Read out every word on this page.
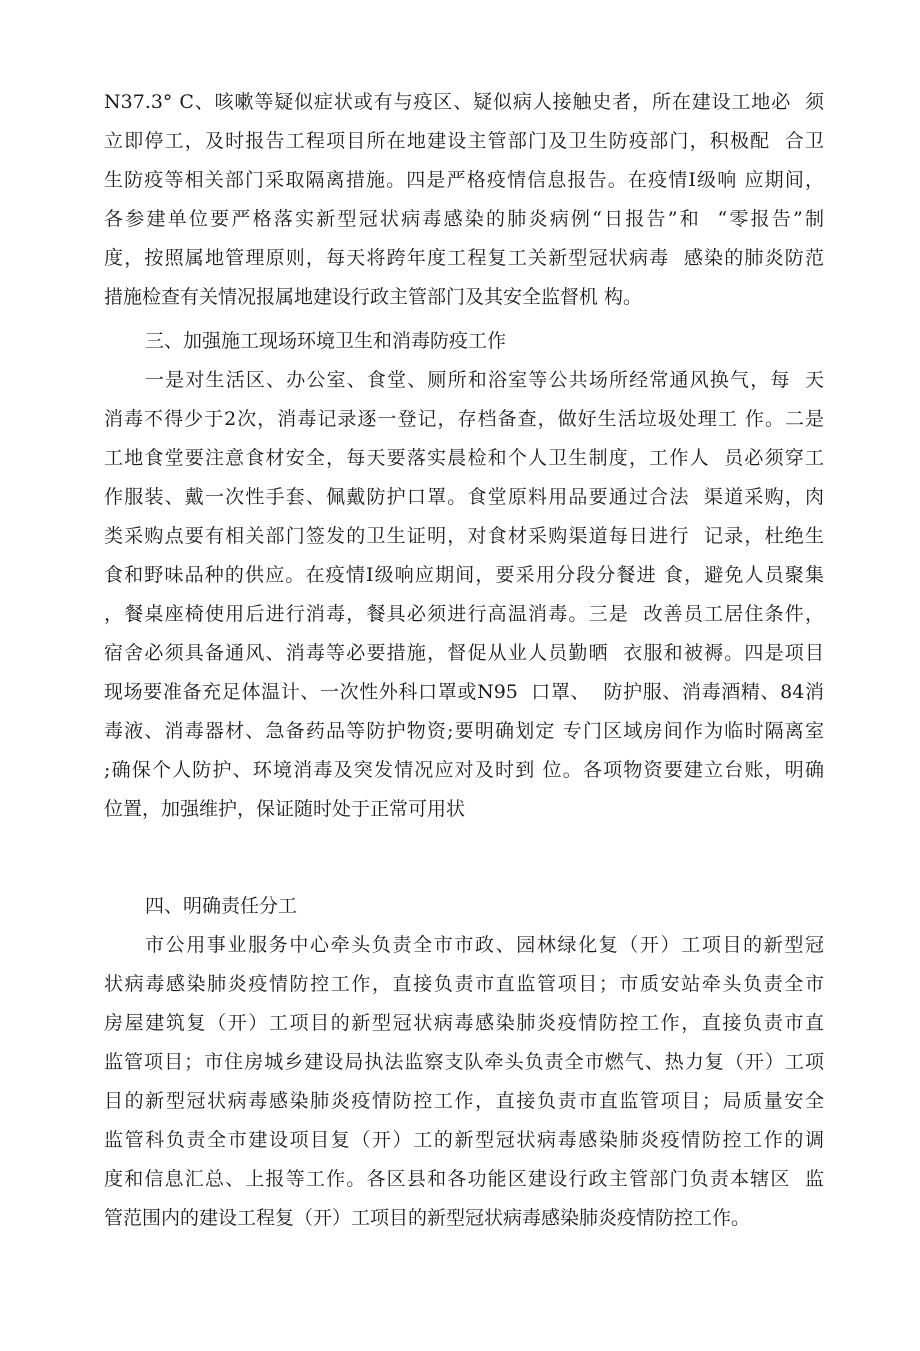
N37.3° C、咳嗽等疑似症状或有与疫区、疑似病人接触史者，所在建设工地必  须
立即停工，及时报告工程项目所在地建设主管部门及卫生防疫部门，积极配  合卫
生防疫等相关部门采取隔离措施。四是严格疫情信息报告。在疫情I级响 应期间，
各参建单位要严格落实新型冠状病毒感染的肺炎病例“日报告”和  “零报告”制
度，按照属地管理原则，每天将跨年度工程复工关新型冠状病毒  感染的肺炎防范
措施检查有关情况报属地建设行政主管部门及其安全监督机 构。
三、加强施工现场环境卫生和消毒防疫工作
一是对生活区、办公室、食堂、厕所和浴室等公共场所经常通风换气，每  天
消毒不得少于2次，消毒记录逐一登记，存档备查，做好生活垃圾处理工 作。二是
工地食堂要注意食材安全，每天要落实晨检和个人卫生制度，工作人  员必须穿工
作服装、戴一次性手套、佩戴防护口罩。食堂原料用品要通过合法  渠道采购，肉
类采购点要有相关部门签发的卫生证明，对食材采购渠道每日进行  记录，杜绝生
食和野味品种的供应。在疫情I级响应期间，要采用分段分餐进 食，避免人员聚集
，餐桌座椅使用后进行消毒，餐具必须进行高温消毒。三是  改善员工居住条件，
宿舍必须具备通风、消毒等必要措施，督促从业人员勤晒  衣服和被褥。四是项目
现场要准备充足体温计、一次性外科口罩或N95  口罩、  防护服、消毒酒精、84消
毒液、消毒器材、急备药品等防护物资;要明确划定 专门区域房间作为临时隔离室
;确保个人防护、环境消毒及突发情况应对及时到 位。各项物资要建立台账，明确
位置，加强维护，保证随时处于正常可用状
四、明确责任分工
市公用事业服务中心牵头负责全市市政、园林绿化复（开）工项目的新型冠
状病毒感染肺炎疫情防控工作，直接负责市直监管项目；市质安站牵头负责全市
房屋建筑复（开）工项目的新型冠状病毒感染肺炎疫情防控工作，直接负责市直
监管项目；市住房城乡建设局执法监察支队牵头负责全市燃气、热力复（开）工项
目的新型冠状病毒感染肺炎疫情防控工作，直接负责市直监管项目；局质量安全
监管科负责全市建设项目复（开）工的新型冠状病毒感染肺炎疫情防控工作的调
度和信息汇总、上报等工作。各区县和各功能区建设行政主管部门负责本辖区  监
管范围内的建设工程复（开）工项目的新型冠状病毒感染肺炎疫情防控工作。
